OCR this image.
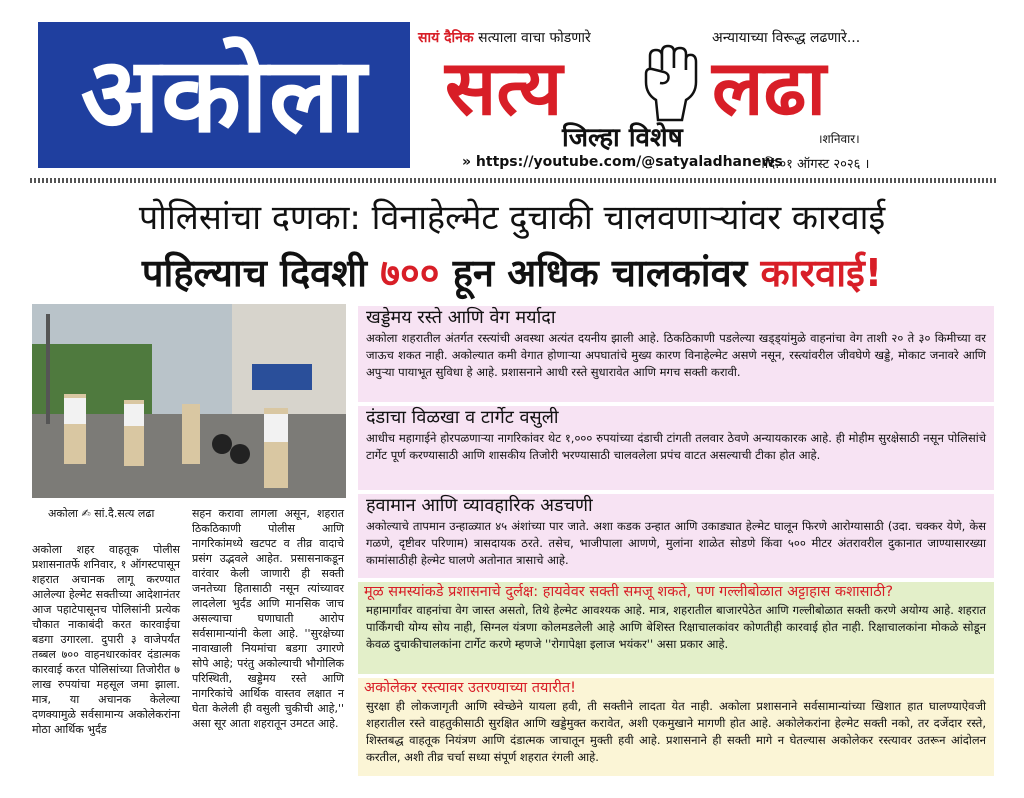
अकोला	सायं दैनिक सत्याला वाचा फोडणारे	अन्यायाच्या विरूद्ध लढणारे...
सत्य लढा
जिल्हा विशेष	।शनिवार।
» https://youtube.com/@satyaladhanews
।दि.०१ ऑगस्ट २०२६ ।
पोलिसांचा दणका: विनाहेल्मेट दुचाकी चालवणाऱ्यांवर कारवाई
पहिल्याच दिवशी ७०० हून अधिक चालकांवर कारवाई!
अकोला ✍ सां.दै.सत्य लढा
अकोला शहर वाहतूक पोलीस प्रशासनातर्फे शनिवार, १ ऑगस्टपासून शहरात अचानक लागू करण्यात आलेल्या हेल्मेट सक्तीच्या आदेशानंतर आज पहाटेपासूनच पोलिसांनी प्रत्येक चौकात नाकाबंदी करत कारवाईचा बडगा उगारला. दुपारी ३ वाजेपर्यंत तब्बल ७०० वाहनधारकांवर दंडात्मक कारवाई करत पोलिसांच्या तिजोरीत ७ लाख रुपयांचा महसूल जमा झाला. मात्र, या अचानक केलेल्या दणक्यामुळे सर्वसामान्य अकोलेकरांना मोठा आर्थिक भुर्दंड
सहन करावा लागला असून, शहरात ठिकठिकाणी पोलीस आणि नागरिकांमध्ये खटपट व तीव्र वादाचे प्रसंग उद्भवले आहेत. प्रसासनाकडून वारंवार केली जाणारी ही सक्ती जनतेच्या हितासाठी नसून त्यांच्यावर लादलेला भुर्दंड आणि मानसिक जाच असल्याचा घणाघाती आरोप सर्वसामान्यांनी केला आहे. ''सुरक्षेच्या नावाखाली नियमांचा बडगा उगारणे सोपे आहे; परंतु अकोल्याची भौगोलिक परिस्थिती, खड्डेमय रस्ते आणि नागरिकांचे आर्थिक वास्तव लक्षात न घेता केलेली ही वसुली चुकीची आहे,'' असा सूर आता शहरातून उमटत आहे.
खड्डेमय रस्ते आणि वेग मर्यादा
अकोला शहरातील अंतर्गत रस्त्यांची अवस्था अत्यंत दयनीय झाली आहे. ठिकठिकाणी पडलेल्या खड्ड्यांमुळे वाहनांचा वेग ताशी २० ते ३० किमीच्या वर जाऊच शकत नाही. अकोल्यात कमी वेगात होणाऱ्या अपघातांचे मुख्य कारण विनाहेल्मेट असणे नसून, रस्त्यांवरील जीवघेणे खड्डे, मोकाट जनावरे आणि अपुऱ्या पायाभूत सुविधा हे आहे. प्रशासनाने आधी रस्ते सुधारावेत आणि मगच सक्ती करावी.
दंडाचा विळखा व टार्गेट वसुली
आधीच महागाईने होरपळणाऱ्या नागरिकांवर थेट १,००० रुपयांच्या दंडाची टांगती तलवार ठेवणे अन्यायकारक आहे. ही मोहीम सुरक्षेसाठी नसून पोलिसांचे टार्गेट पूर्ण करण्यासाठी आणि शासकीय तिजोरी भरण्यासाठी चालवलेला प्रपंच वाटत असल्याची टीका होत आहे.
हवामान आणि व्यावहारिक अडचणी
अकोल्याचे तापमान उन्हाळ्यात ४५ अंशांच्या पार जाते. अशा कडक उन्हात आणि उकाड्यात हेल्मेट घालून फिरणे आरोग्यासाठी (उदा. चक्कर येणे, केस गळणे, दृष्टीवर परिणाम) त्रासदायक ठरते. तसेच, भाजीपाला आणणे, मुलांना शाळेत सोडणे किंवा ५०० मीटर अंतरावरील दुकानात जाण्यासारख्या कामांसाठीही हेल्मेट घालणे अतोनात त्रासाचे आहे.
मूळ समस्यांकडे प्रशासनाचे दुर्लक्ष: हायवेवर सक्ती समजू शकते, पण गल्लीबोळात अट्टाहास कशासाठी?
महामार्गांवर वाहनांचा वेग जास्त असतो, तिथे हेल्मेट आवश्यक आहे. मात्र, शहरातील बाजारपेठेत आणि गल्लीबोळात सक्ती करणे अयोग्य आहे. शहरात पार्किंगची योग्य सोय नाही, सिग्नल यंत्रणा कोलमडलेली आहे आणि बेशिस्त रिक्षाचालकांवर कोणतीही कारवाई होत नाही. रिक्षाचालकांना मोकळे सोडून केवळ दुचाकीचालकांना टार्गेट करणे म्हणजे ''रोगापेक्षा इलाज भयंकर'' असा प्रकार आहे.
अकोलेकर रस्त्यावर उतरण्याच्या तयारीत!
सुरक्षा ही लोकजागृती आणि स्वेच्छेने यायला हवी, ती सक्तीने लादता येत नाही. अकोला प्रशासनाने सर्वसामान्यांच्या खिशात हात घालण्याऐवजी शहरातील रस्ते वाहतुकीसाठी सुरक्षित आणि खड्डेमुक्त करावेत, अशी एकमुखाने मागणी होत आहे. अकोलेकरांना हेल्मेट सक्ती नको, तर दर्जेदार रस्ते, शिस्तबद्ध वाहतूक नियंत्रण आणि दंडात्मक जाचातून मुक्ती हवी आहे. प्रशासनाने ही सक्ती मागे न घेतल्यास अकोलेकर रस्त्यावर उतरून आंदोलन करतील, अशी तीव्र चर्चा सध्या संपूर्ण शहरात रंगली आहे.
